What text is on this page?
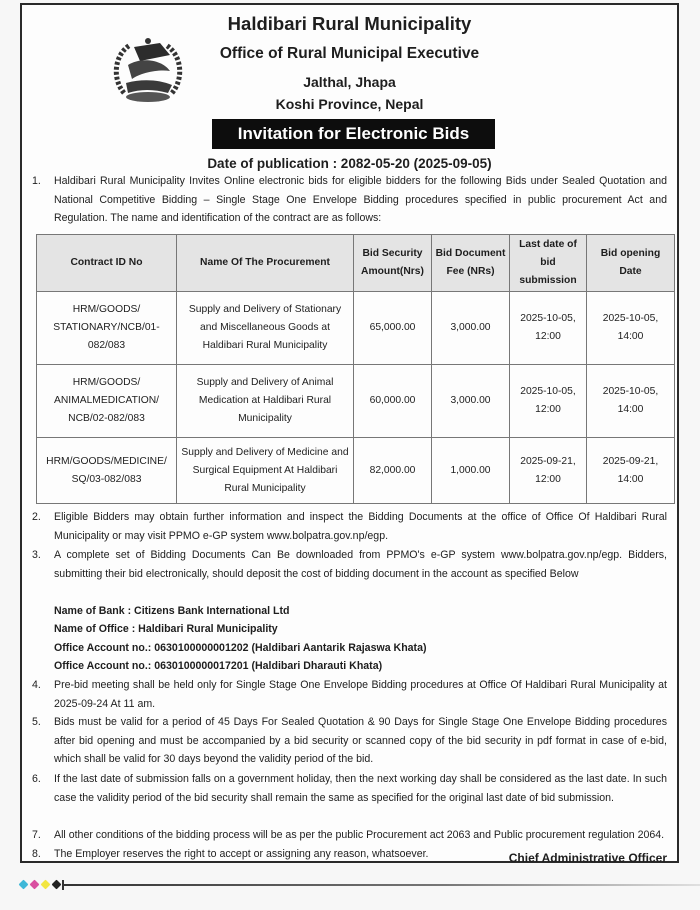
Haldibari Rural Municipality
Office of Rural Municipal Executive
Jalthal, Jhapa
Koshi Province, Nepal
Invitation for Electronic Bids
Date of publication : 2082-05-20 (2025-09-05)
1. Haldibari Rural Municipality Invites Online electronic bids for eligible bidders for the following Bids under Sealed Quotation and National Competitive Bidding – Single Stage One Envelope Bidding procedures specified in public procurement Act and Regulation. The name and identification of the contract are as follows:
Contract ID No	Name Of The Procurement	Bid Security Amount(Nrs)	Bid Document Fee (NRs)	Last date of bid submission	Bid opening Date
HRM/GOODS/ STATIONARY/NCB/01-082/083	Supply and Delivery of Stationary and Miscellaneous Goods at Haldibari Rural Municipality	65,000.00	3,000.00	2025-10-05, 12:00	2025-10-05, 14:00
HRM/GOODS/ ANIMALMEDICATION/ NCB/02-082/083	Supply and Delivery of Animal Medication at Haldibari Rural Municipality	60,000.00	3,000.00	2025-10-05, 12:00	2025-10-05, 14:00
HRM/GOODS/MEDICINE/ SQ/03-082/083	Supply and Delivery of Medicine and Surgical Equipment At Haldibari Rural Municipality	82,000.00	1,000.00	2025-09-21, 12:00	2025-09-21, 14:00
2. Eligible Bidders may obtain further information and inspect the Bidding Documents at the office of Office Of Haldibari Rural Municipality or may visit PPMO e-GP system www.bolpatra.gov.np/egp.
3. A complete set of Bidding Documents Can Be downloaded from PPMO's e-GP system www.bolpatra.gov.np/egp. Bidders, submitting their bid electronically, should deposit the cost of bidding document in the account as specified Below
Name of Bank : Citizens Bank International Ltd
Name of Office : Haldibari Rural Municipality
Office Account no.: 0630100000001202 (Haldibari Aantarik Rajaswa Khata)
Office Account no.: 0630100000017201 (Haldibari Dharauti Khata)
4. Pre-bid meeting shall be held only for Single Stage One Envelope Bidding procedures at Office Of Haldibari Rural Municipality at 2025-09-24 At 11 am.
5. Bids must be valid for a period of 45 Days For Sealed Quotation & 90 Days for Single Stage One Envelope Bidding procedures after bid opening and must be accompanied by a bid security or scanned copy of the bid security in pdf format in case of e-bid, which shall be valid for 30 days beyond the validity period of the bid.
6. If the last date of submission falls on a government holiday, then the next working day shall be considered as the last date. In such case the validity period of the bid security shall remain the same as specified for the original last date of bid submission.
7. All other conditions of the bidding process will be as per the public Procurement act 2063 and Public procurement regulation 2064.
8. The Employer reserves the right to accept or assigning any reason, whatsoever.	Chief Administrative Officer
